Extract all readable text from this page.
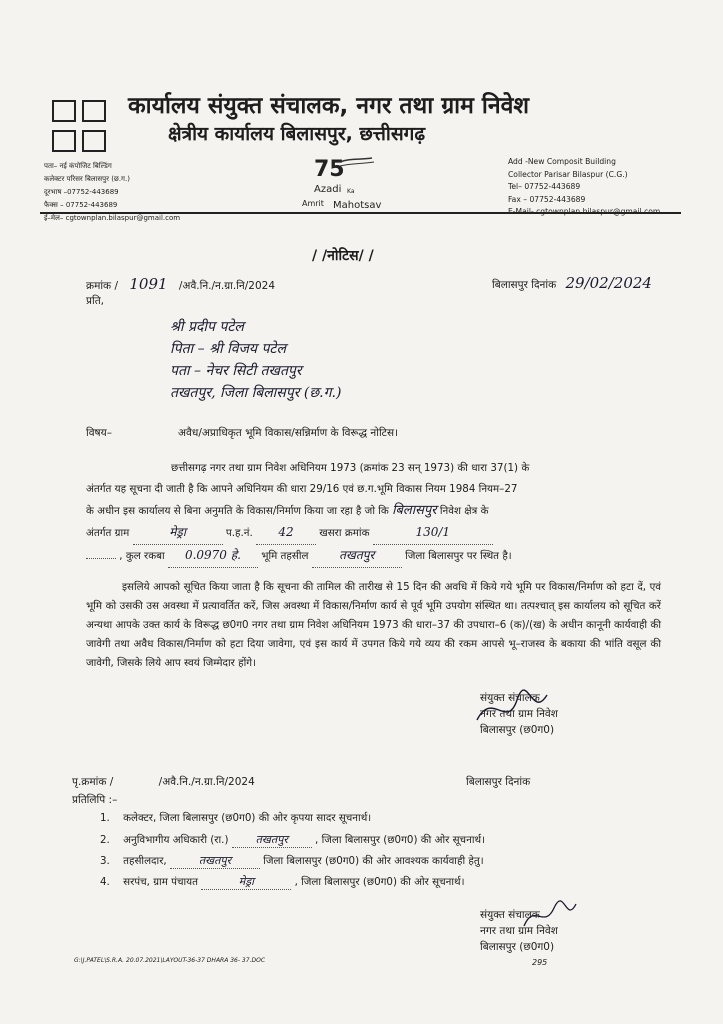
कार्यालय संयुक्त संचालक, नगर तथा ग्राम निवेश
क्षेत्रीय कार्यालय बिलासपुर, छत्तीसगढ़
पता– नई कंपोजिट बिल्डिंग
कलेक्टर परिसर बिलासपुर (छ.ग.)
दूरभाष –07752-443689
फैक्स – 07752-443689
ई–मेल– cgtownplan.bilaspur@gmail.com
75
Azadi Ka
Amrit Mahotsav
Add -New Composit Building
Collector Parisar Bilaspur (C.G.)
Tel– 07752-443689
Fax – 07752-443689
E-Mail- cgtownplan.bilaspur@gmail.com
/ /नोटिस/ /
क्रमांक / 1091 /अवै.नि./न.ग्रा.नि/2024
प्रति,
बिलासपुर दिनांक 29/02/2024
श्री प्रदीप पटेल
पिता – श्री विजय पटेल
पता – नेचर सिटी तखतपुर
तखतपुर, जिला बिलासपुर (छ.ग.)
विषय–	अवैध/अप्राधिकृत भूमि विकास/सन्निर्माण के विरूद्ध नोटिस।
छत्तीसगढ़ नगर तथा ग्राम निवेश अधिनियम 1973 (क्रमांक 23 सन् 1973) की धारा 37(1) के
अंतर्गत यह सूचना दी जाती है कि आपने अधिनियम की धारा 29/16 एवं छ.ग.भूमि विकास नियम 1984 नियम–27
के अधीन इस कार्यालय से बिना अनुमति के विकास/निर्माण किया जा रहा है जो कि बिलासपुर निवेश क्षेत्र के
अंतर्गत ग्राम	मेड्रा	प.ह.नं. 42 खसरा क्रमांक	130/1
, कुल रकबा 0.0970 हे. भूमि तहसील	तखतपुर	जिला बिलासपुर पर स्थित है।
इसलिये आपको सूचित किया जाता है कि सूचना की तामिल की तारीख से 15 दिन की अवधि में किये गये भूमि पर विकास/निर्माण को हटा दें, एवं भूमि को उसकी उस अवस्था में प्रत्यावर्तित करें, जिस अवस्था में विकास/निर्माण कार्य से पूर्व भूमि उपयोग संस्थित था। तत्पश्चात् इस कार्यालय को सूचित करें अन्यथा आपके उक्त कार्य के विरूद्ध छ0ग0 नगर तथा ग्राम निवेश अधिनियम 1973 की धारा–37 की उपधारा–6 (क)/(ख) के अधीन कानूनी कार्यवाही की जावेगी तथा अवैध विकास/निर्माण को हटा दिया जावेगा, एवं इस कार्य में उपगत किये गये व्यय की रकम आपसे भू–राजस्व के बकाया की भांति वसूल की जावेगी, जिसके लिये आप स्वयं जिम्मेदार होंगे।
संयुक्त संचालक
नगर तथा ग्राम निवेश
बिलासपुर (छ0ग0)
पृ.क्रमांक /	/अवै.नि./न.ग्रा.नि/2024	बिलासपुर दिनांक
प्रतिलिपि :–
1. कलेक्टर, जिला बिलासपुर (छ0ग0) की ओर कृपया सादर सूचनार्थ।
2. अनुविभागीय अधिकारी (रा.) तखतपुर	, जिला बिलासपुर (छ0ग0) की ओर सूचनार्थ।
3. तहसीलदार,	तखतपुर	जिला बिलासपुर (छ0ग0) की ओर आवश्यक कार्यवाही हेतु।
4. सरपंच, ग्राम पंचायत	मेड्रा	, जिला बिलासपुर (छ0ग0) की ओर सूचनार्थ।
संयुक्त संचालक
नगर तथा ग्राम निवेश
बिलासपुर (छ0ग0)
G:\J.PATEL\S.R.A. 20.07.2021\LAYOUT-36-37 DHARA 36- 37.DOC	295
